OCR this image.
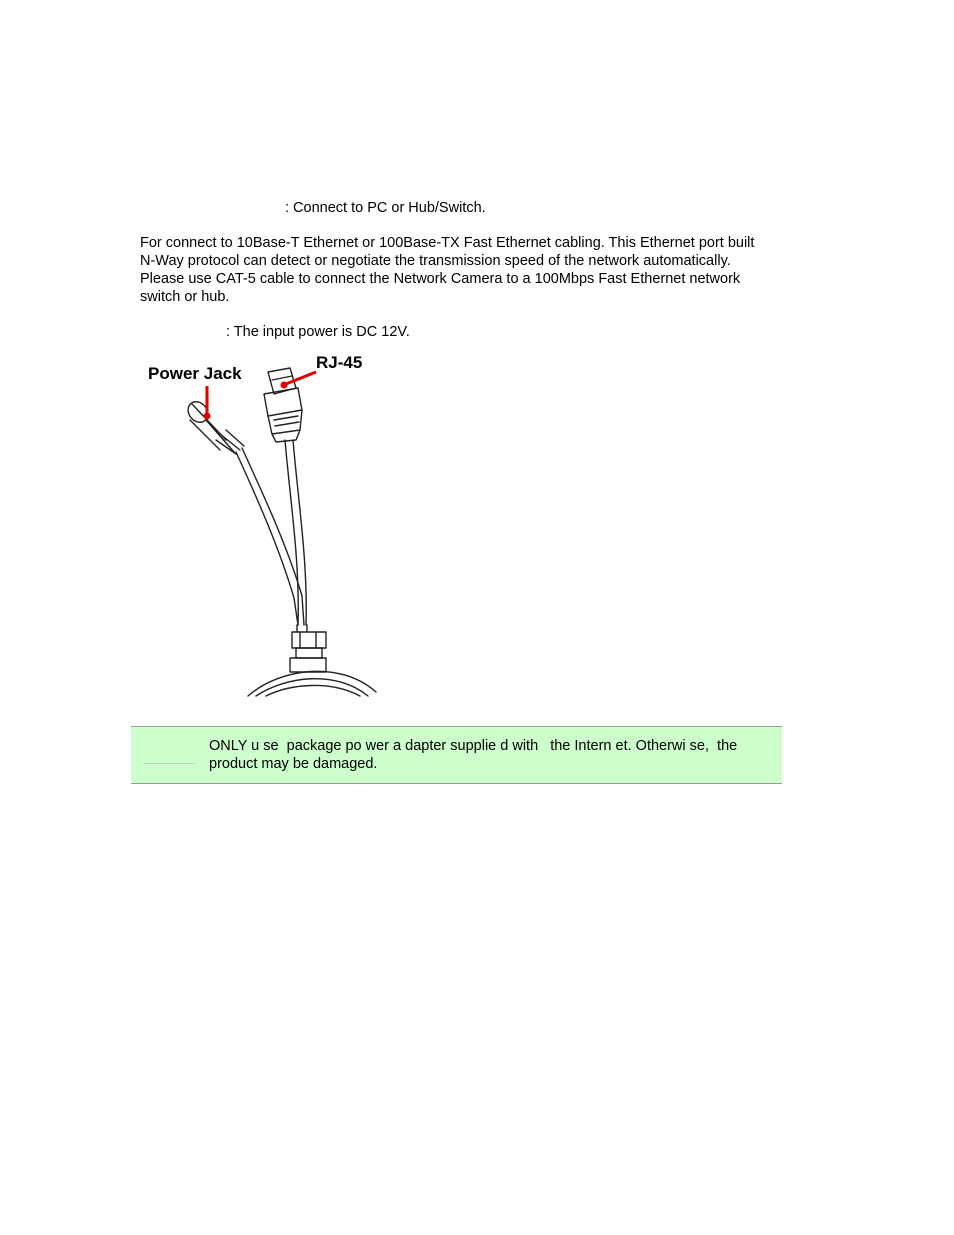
: Connect to PC or Hub/Switch.
For connect to 10Base-T Ethernet or 100Base-TX Fast Ethernet cabling. This Ethernet port built
N-Way protocol can detect or negotiate the transmission speed of the network automatically.
Please use CAT-5 cable to connect the Network Camera to a 100Mbps Fast Ethernet network
switch or hub.
: The input power is DC 12V.
Power Jack
RJ-45
ONLY u se  package po wer a dapter supplie d with   the Intern et. Otherwi se,  the
product may be damaged.
